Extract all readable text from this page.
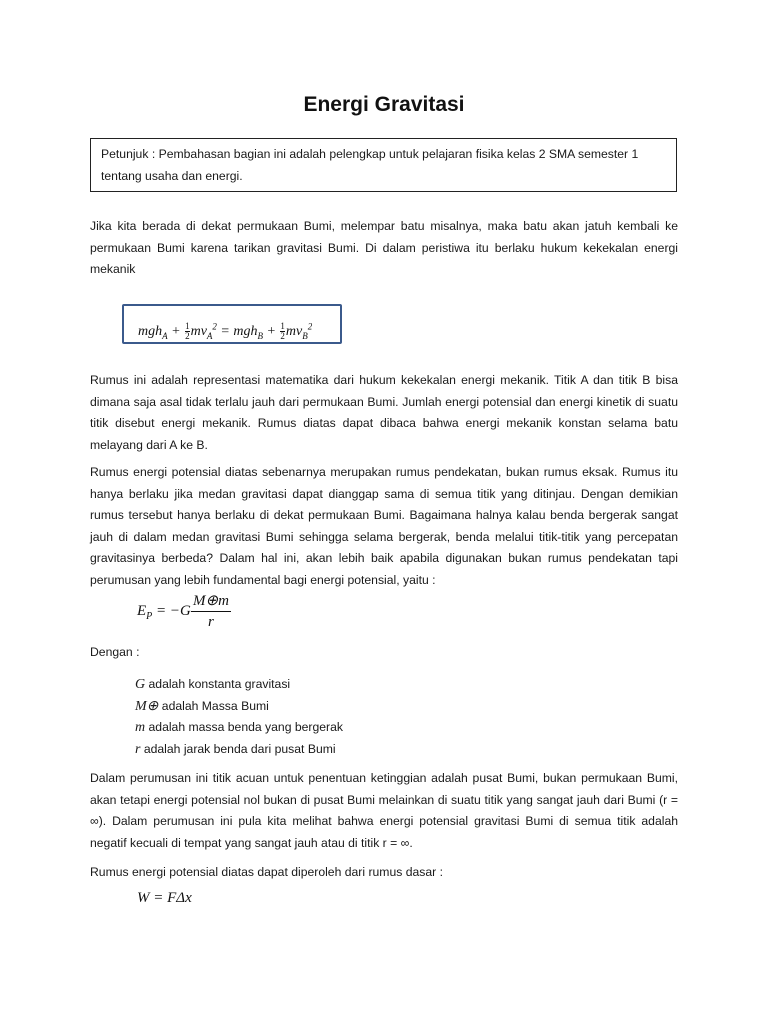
Energi Gravitasi
Petunjuk : Pembahasan bagian ini adalah pelengkap untuk pelajaran fisika kelas 2 SMA semester 1 tentang usaha dan energi.

Jika kita berada di dekat permukaan Bumi, melempar batu misalnya, maka batu akan jatuh kembali ke permukaan Bumi karena tarikan gravitasi Bumi. Di dalam peristiwa itu berlaku hukum kekekalan energi mekanik

$mgh_A + \frac{1}{2} mv_A^2 = mgh_B + \frac{1}{2} mv_B^2$

Rumus ini adalah representasi matematika dari hukum kekekalan energi mekanik. Titik A dan titik B bisa dimana saja asal tidak terlalu jauh dari permukaan Bumi. Jumlah energi potensial dan energi kinetik di suatu titik disebut energi mekanik. Rumus diatas dapat dibaca bahwa energi mekanik konstan selama batu melayang dari A ke B.

Rumus energi potensial diatas sebenarnya merupakan rumus pendekatan, bukan rumus eksak. Rumus itu hanya berlaku jika medan gravitasi dapat dianggap sama di semua titik yang ditinjau. Dengan demikian rumus tersebut hanya berlaku di dekat permukaan Bumi. Bagaimana halnya kalau benda bergerak sangat jauh di dalam medan gravitasi Bumi sehingga selama bergerak, benda melalui titik-titik yang percepatan gravitasinya berbeda? Dalam hal ini, akan lebih baik apabila digunakan bukan rumus pendekatan tapi perumusan yang lebih fundamental bagi energi potensial, yaitu :

$E_P = -G \frac{M\oplus m}{r}$

Dengan :

G adalah konstanta gravitasi
M⊕ adalah Massa Bumi
m adalah massa benda yang bergerak
r adalah jarak benda dari pusat Bumi

Dalam perumusan ini titik acuan untuk penentuan ketinggian adalah pusat Bumi, bukan permukaan Bumi, akan tetapi energi potensial nol bukan di pusat Bumi melainkan di suatu titik yang sangat jauh dari Bumi (r = ∞). Dalam perumusan ini pula kita melihat bahwa energi potensial gravitasi Bumi di semua titik adalah negatif kecuali di tempat yang sangat jauh atau di titik r = ∞.

Rumus energi potensial diatas dapat diperoleh dari rumus dasar :

W = FΔx
